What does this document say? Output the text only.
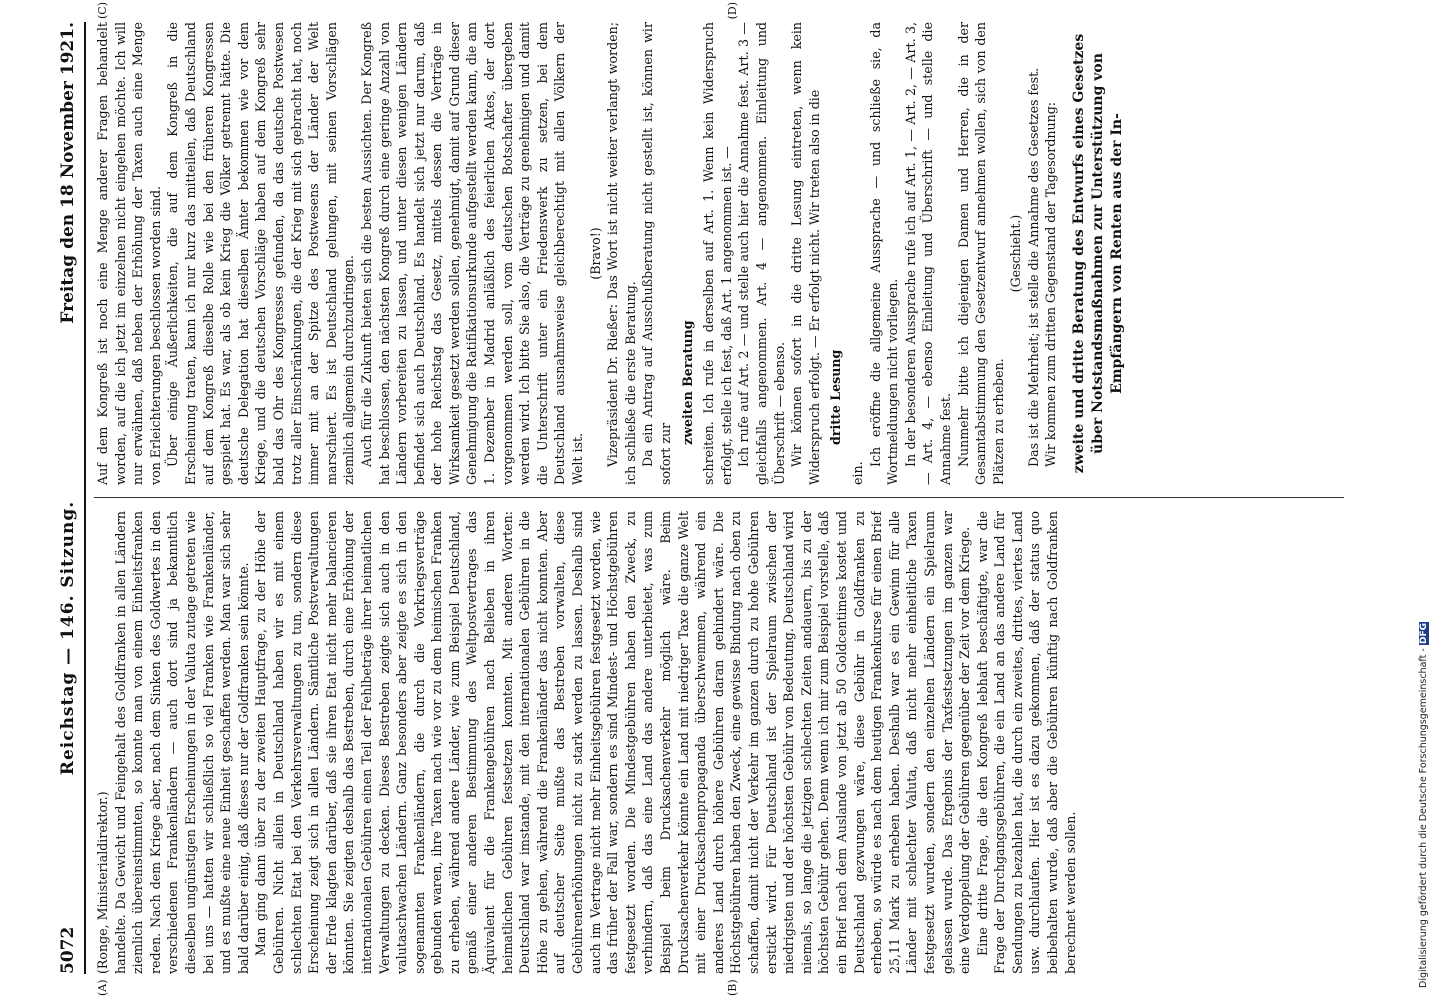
5072
Reichstag — 146. Sitzung.
Freitag den 18 November 1921.
(A)	(B)
(C)	(D)

(Ronge, Ministerialdirektor.) handelte. Da Gewicht und Feingehalt des Goldfranken in allen Ländern ziemlich übereinstimmten, so konnte man von einem Einheitsfranken reden. Nach dem Kriege aber, nach dem Sinken des Goldwertes in den verschiedenen Frankenländern — auch dort sind ja bekanntlich dieselben ungünstigen Erscheinungen in der Valuta zutage getreten wie bei uns — hatten wir schließlich so viel Franken wie Frankenländer, und es mußte eine neue Einheit geschaffen werden. Man war sich sehr bald darüber einig, daß dieses nur der Goldfranken sein könnte. Man ging dann über zu der zweiten Hauptfrage, zu der Höhe der Gebühren. Nicht allein in Deutschland haben wir es mit einem schlechten Etat bei den Verkehrsverwaltungen zu tun, sondern diese Erscheinung zeigt sich in allen Ländern. Sämtliche Postverwaltungen der Erde klagten darüber, daß sie ihren Etat nicht mehr balancieren könnten. Sie zeigten deshalb das Bestreben, durch eine Erhöhung der internationalen Gebühren einen Teil der Fehlbeträge ihrer heimatlichen Verwaltungen zu decken. Dieses Bestreben zeigte sich auch in den valutaschwachen Ländern. Ganz besonders aber zeigte es sich in den sogenannten Frankenländern, die durch die Vorkriegsverträge gebunden waren, ihre Taxen nach wie vor zu dem heimischen Franken zu erheben, während andere Länder, wie zum Beispiel Deutschland, gemäß einer anderen Bestimmung des Weltpostvertrages das Äquivalent für die Frankengebühren nach Belieben in ihren heimatlichen Gebühren festsetzen konnten. Mit anderen Worten: Deutschland war imstande, mit den internationalen Gebühren in die Höhe zu gehen, während die Frankenländer das nicht konnten. Aber auf deutscher Seite mußte das Bestreben vorwalten, diese Gebührenerhöhungen nicht zu stark werden zu lassen. Deshalb sind auch im Vertrage nicht mehr Einheitsgebühren festgesetzt worden, wie das früher der Fall war, sondern es sind Mindest- und Höchstgebühren festgesetzt worden. Die Mindestgebühren haben den Zweck, zu verhindern, daß das eine Land das andere unterbietet, was zum Beispiel beim Drucksachenverkehr möglich wäre. Beim Drucksachenverkehr könnte ein Land mit niedriger Taxe die ganze Welt mit einer Drucksachenpropaganda überschwemmen, während ein anderes Land durch höhere Gebühren daran gehindert wäre. Die Höchstgebühren haben den Zweck, eine gewisse Bindung nach oben zu schaffen, damit nicht der Verkehr im ganzen durch zu hohe Gebühren erstickt wird. Für Deutschland ist der Spielraum zwischen der niedrigsten und der höchsten Gebühr von Bedeutung. Deutschland wird niemals, so lange die jetzigen schlechten Zeiten andauern, bis zu der höchsten Gebühr gehen. Denn wenn ich mir zum Beispiel vorstelle, daß ein Brief nach dem Auslande von jetzt ab 50 Goldcentimes kostet und Deutschland gezwungen wäre, diese Gebühr in Goldfranken zu erheben, so würde es nach dem heutigen Frankenkurse für einen Brief 25,11 Mark zu erheben haben. Deshalb war es ein Gewinn für alle Länder mit schlechter Valuta, daß nicht mehr einheitliche Taxen festgesetzt wurden, sondern den einzelnen Ländern ein Spielraum gelassen wurde. Das Ergebnis der Taxfestsetzungen im ganzen war eine Verdoppelung der Gebühren gegenüber der Zeit vor dem Kriege. Eine dritte Frage, die den Kongreß lebhaft beschäftigte, war die Frage der Durchgangsgebühren, die ein Land an das andere Land für Sendungen zu bezahlen hat, die durch ein zweites, drittes, viertes Land usw. durchlaufen. Hier ist es dazu gekommen, daß der status quo beibehalten wurde, daß aber die Gebühren künftig nach Goldfranken berechnet werden sollen.

Auf dem Kongreß ist noch eine Menge anderer Fragen behandelt worden, auf die ich jetzt im einzelnen nicht eingehen möchte. Ich will nur erwähnen, daß neben der Erhöhung der Taxen auch eine Menge von Erleichterungen beschlossen worden sind. Über einige Äußerlichkeiten, die auf dem Kongreß in die Erscheinung traten, kann ich nur kurz das mitteilen, daß Deutschland auf dem Kongreß dieselbe Rolle wie bei den früheren Kongressen gespielt hat. Es war, als ob kein Krieg die Völker getrennt hätte. Die deutsche Delegation hat dieselben Ämter bekommen wie vor dem Kriege, und die deutschen Vorschläge haben auf dem Kongreß sehr bald das Ohr des Kongresses gefunden, da das deutsche Postwesen trotz aller Einschränkungen, die der Krieg mit sich gebracht hat, noch immer mit an der Spitze des Postwesens der Länder der Welt marschiert. Es ist Deutschland gelungen, mit seinen Vorschlägen ziemlich allgemein durchzudringen. Auch für die Zukunft bieten sich die besten Aussichten. Der Kongreß hat beschlossen, den nächsten Kongreß durch eine geringe Anzahl von Ländern vorbereiten zu lassen, und unter diesen wenigen Ländern befindet sich auch Deutschland. Es handelt sich jetzt nur darum, daß der hohe Reichstag das Gesetz, mittels dessen die Verträge in Wirksamkeit gesetzt werden sollen, genehmigt, damit auf Grund dieser Genehmigung die Ratifikationsurkunde aufgestellt werden kann, die am 1. Dezember in Madrid anläßlich des feierlichen Aktes, der dort vorgenommen werden soll, vom deutschen Botschafter übergeben werden wird. Ich bitte Sie also, die Verträge zu genehmigen und damit die Unterschrift unter ein Friedenswerk zu setzen, bei dem Deutschland ausnahmsweise gleichberechtigt mit allen Völkern der Welt ist.

(Bravo!) Vizepräsident Dr. Rießer: Das Wort ist nicht weiter verlangt worden; ich schließe die erste Beratung. Da ein Antrag auf Ausschußberatung nicht gestellt ist, können wir sofort zur

zweiten Beratung schreiten. Ich rufe in derselben auf Art. 1. Wenn kein Widerspruch erfolgt, stelle ich fest, daß Art. 1 angenommen ist. — Ich rufe auf Art. 2 — und stelle auch hier die Annahme fest. Art. 3 — gleichfalls angenommen. Art. 4 — angenommen. Einleitung und Überschrift — ebenso. Wir können sofort in die dritte Lesung eintreten, wenn kein Widerspruch erfolgt. — Er erfolgt nicht. Wir treten also in die dritte Lesung

ein.

Ich eröffne die allgemeine Aussprache — und schließe sie, da Wortmeldungen nicht vorliegen. In der besonderen Aussprache rufe ich auf Art. 1, — Art. 2, — Art. 3, — Art. 4, — ebenso Einleitung und Überschrift — und stelle die Annahme fest. Nunmehr bitte ich diejenigen Damen und Herren, die in der Gesamtabstimmung den Gesetzentwurf annehmen wollen, sich von den Plätzen zu erheben.

(Geschieht.) Das ist die Mehrheit; ist stelle die Annahme des Gesetzes fest. Wir kommen zum dritten Gegenstand der Tagesordnung: zweite und dritte Beratung des Entwurfs eines Gesetzes über Notstandsmaßnahmen zur Unterstützung von Empfängern von Renten aus der In-

Digitalisierung gefördert durch die Deutsche Forschungsgemeinschaft - DFG
